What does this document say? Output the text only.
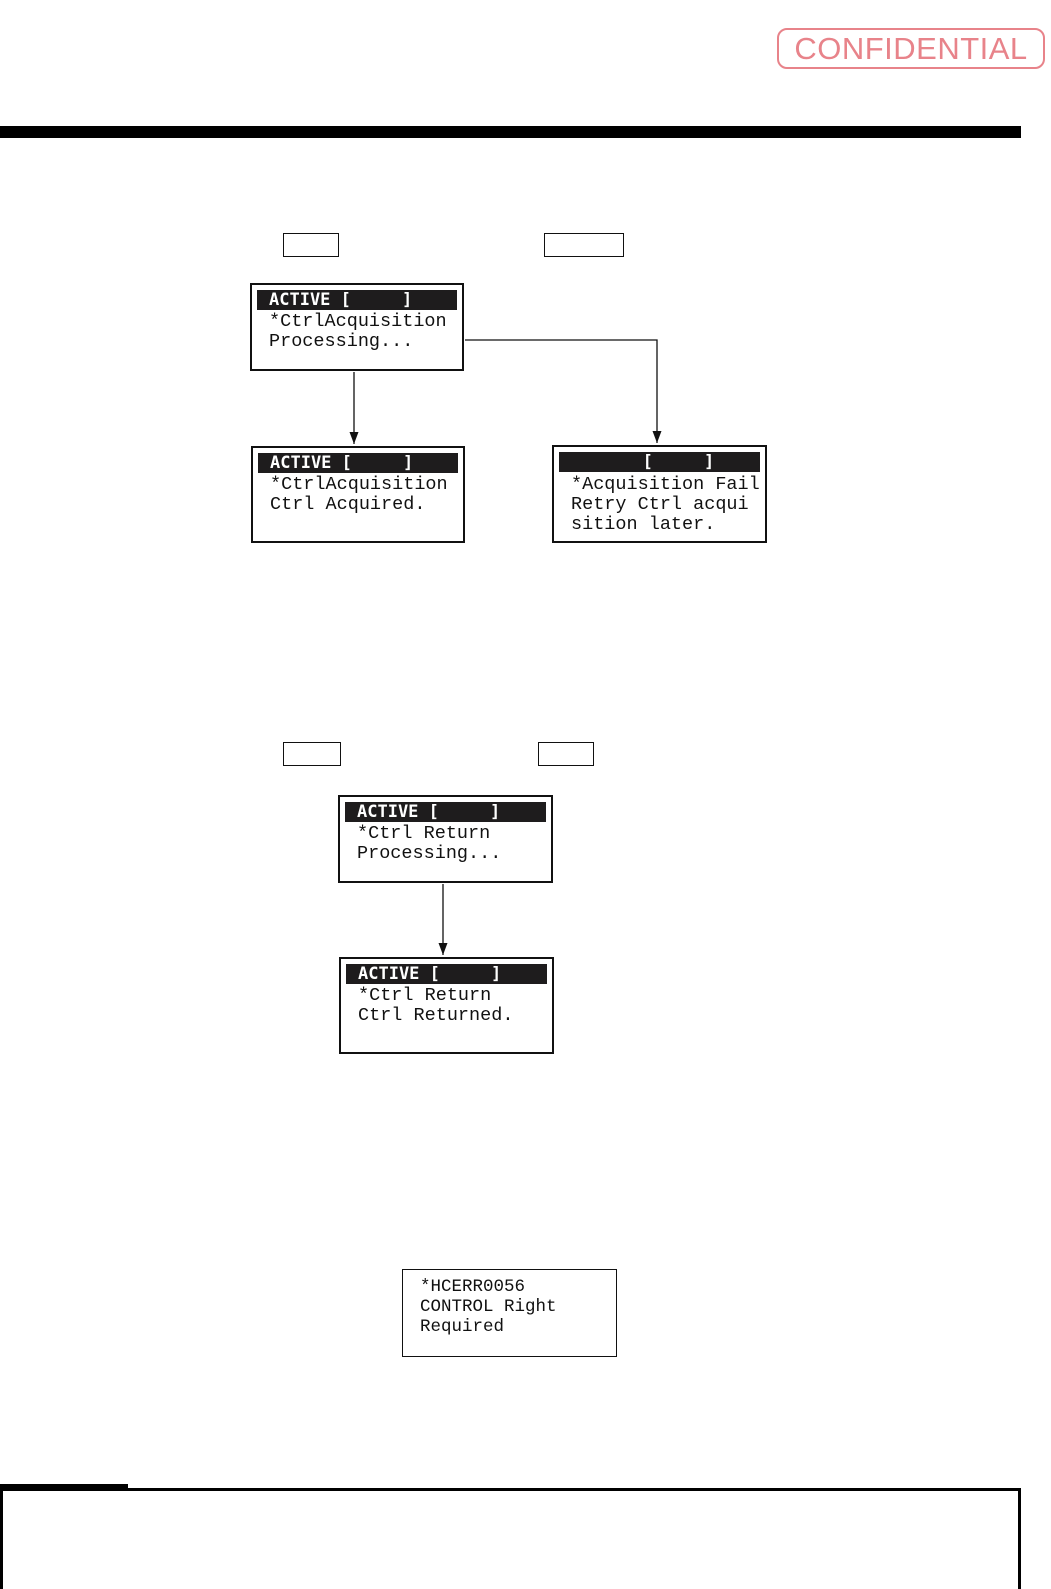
CONFIDENTIAL
ACTIVE [     ]
*CtrlAcquisition
Processing...
ACTIVE [     ]
*CtrlAcquisition
Ctrl Acquired.
[     ]
*Acquisition Fail
Retry Ctrl acqui
sition later.
ACTIVE [     ]
*Ctrl Return
Processing...
ACTIVE [     ]
*Ctrl Return
Ctrl Returned.
*HCERR0056
CONTROL Right
Required
